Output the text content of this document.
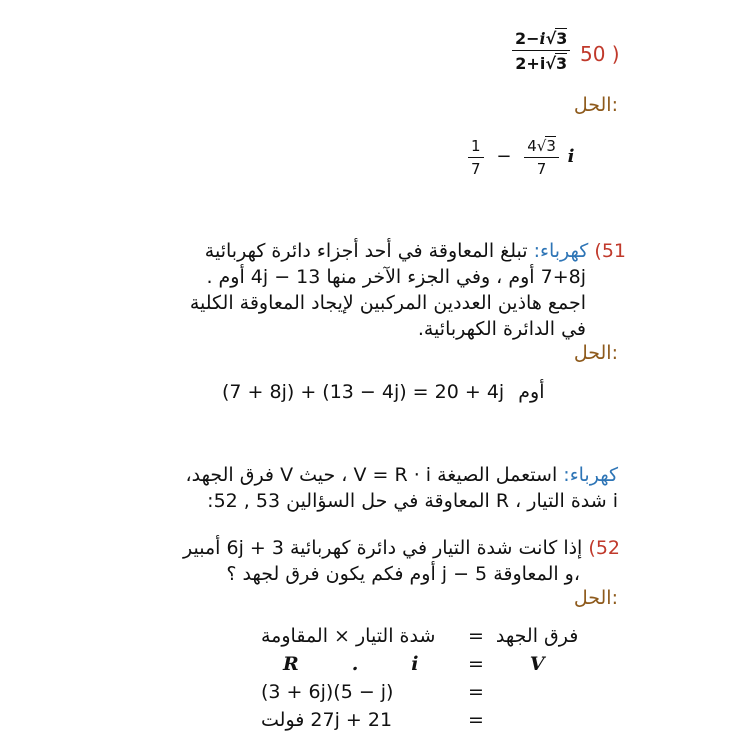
50 )
$\frac{2-i√3}{2+i√3}$
الحل:
$\frac{1}{7} - \frac{4√3}{7}$ i
51) كهرباء: تبلغ المعاوقة في أحد أجزاء دائرة كهربائية
7+8j أوم ، وفي الجزء الآخر منها 4j − 13 أوم .
اجمع هاذين العددين المركبين لإيجاد المعاوقة الكلية
في الدائرة الكهربائية.
الحل:
(7 + 8j) + (13 − 4j) = 20 + 4j أوم
كهرباء: استعمل الصيغة V = R · i ، حيث V فرق الجهد،
i شدة التيار ، R المعاوقة في حل السؤالين 53 , 52:
52) إذا كانت شدة التيار في دائرة كهربائية 6j + 3 أمبير
،و المعاوقة j − 5 أوم فكم يكون فرق لجهد ؟
الحل:
شدة التيار × المقاومة	=	فرق الجهد
R        .        i	=	V
(3 + 6j)(5 − j)	=	
21 + 27j فولت	=	
